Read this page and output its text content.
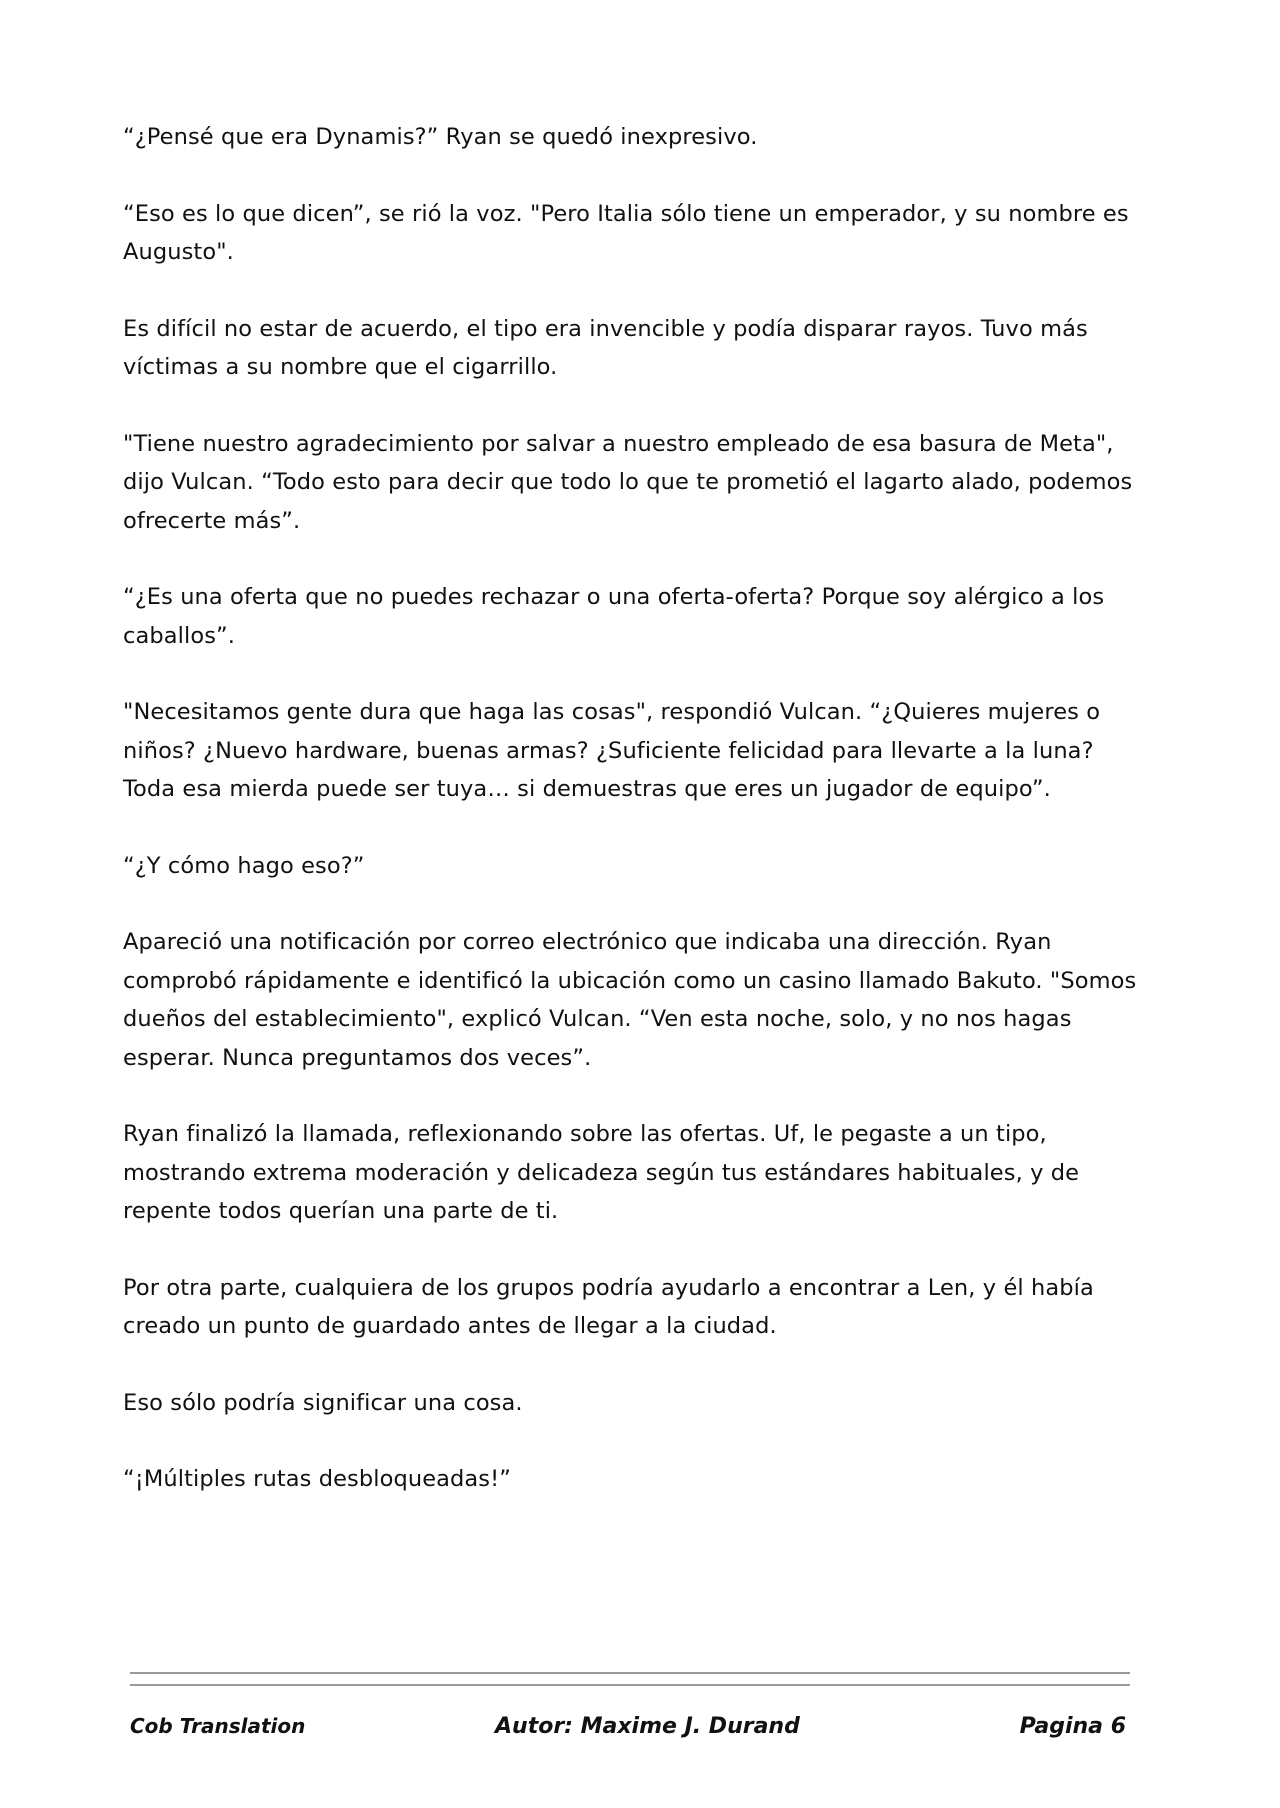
“¿Pensé que era Dynamis?” Ryan se quedó inexpresivo.

“Eso es lo que dicen”, se rió la voz. "Pero Italia sólo tiene un emperador, y su nombre es Augusto".

Es difícil no estar de acuerdo, el tipo era invencible y podía disparar rayos. Tuvo más víctimas a su nombre que el cigarrillo.

"Tiene nuestro agradecimiento por salvar a nuestro empleado de esa basura de Meta", dijo Vulcan. “Todo esto para decir que todo lo que te prometió el lagarto alado, podemos ofrecerte más”.

“¿Es una oferta que no puedes rechazar o una oferta-oferta? Porque soy alérgico a los caballos”.

"Necesitamos gente dura que haga las cosas", respondió Vulcan. “¿Quieres mujeres o niños? ¿Nuevo hardware, buenas armas? ¿Suficiente felicidad para llevarte a la luna? Toda esa mierda puede ser tuya… si demuestras que eres un jugador de equipo”.

“¿Y cómo hago eso?”

Apareció una notificación por correo electrónico que indicaba una dirección. Ryan comprobó rápidamente e identificó la ubicación como un casino llamado Bakuto. "Somos dueños del establecimiento", explicó Vulcan. “Ven esta noche, solo, y no nos hagas esperar. Nunca preguntamos dos veces”.

Ryan finalizó la llamada, reflexionando sobre las ofertas. Uf, le pegaste a un tipo, mostrando extrema moderación y delicadeza según tus estándares habituales, y de repente todos querían una parte de ti.

Por otra parte, cualquiera de los grupos podría ayudarlo a encontrar a Len, y él había creado un punto de guardado antes de llegar a la ciudad.

Eso sólo podría significar una cosa.

“¡Múltiples rutas desbloqueadas!”

Cob Translation	Autor: Maxime J. Durand	Pagina 6
